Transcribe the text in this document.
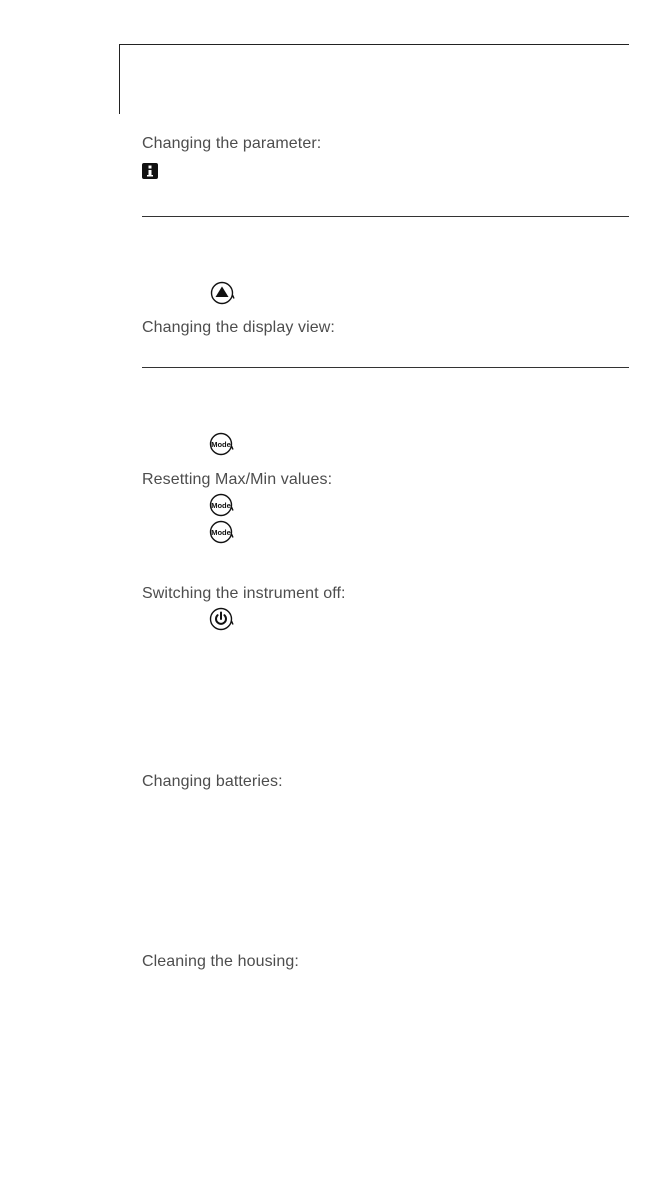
Changing the parameter:
Changing the display view:
Mode
Resetting Max/Min values:
Mode
Mode
Switching the instrument off:
Changing batteries:
Cleaning the housing:
